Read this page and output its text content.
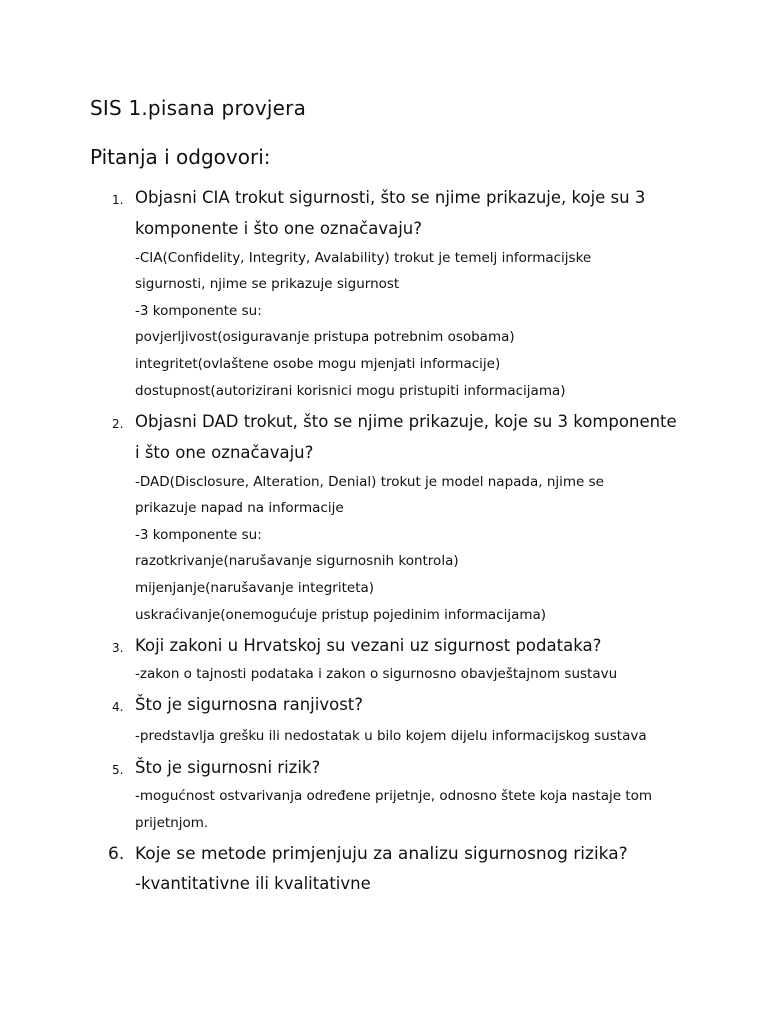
SIS 1.pisana provjera
Pitanja i odgovori:
1. Objasni CIA trokut sigurnosti, što se njime prikazuje, koje su 3
komponente i što one označavaju?
-CIA(Confidelity, Integrity, Avalability) trokut je temelj informacijske
sigurnosti, njime se prikazuje sigurnost
-3 komponente su:
povjerljivost(osiguravanje pristupa potrebnim osobama)
integritet(ovlaštene osobe mogu mjenjati informacije)
dostupnost(autorizirani korisnici mogu pristupiti informacijama)
2. Objasni DAD trokut, što se njime prikazuje, koje su 3 komponente
i što one označavaju?
-DAD(Disclosure, Alteration, Denial) trokut je model napada, njime se
prikazuje napad na informacije
-3 komponente su:
razotkrivanje(narušavanje sigurnosnih kontrola)
mijenjanje(narušavanje integriteta)
uskraćivanje(onemogućuje pristup pojedinim informacijama)
3. Koji zakoni u Hrvatskoj su vezani uz sigurnost podataka?
-zakon o tajnosti podataka i zakon o sigurnosno obavještajnom sustavu
4. Što je sigurnosna ranjivost?
-predstavlja grešku ili nedostatak u bilo kojem dijelu informacijskog sustava
5. Što je sigurnosni rizik?
-mogućnost ostvarivanja određene prijetnje, odnosno štete koja nastaje tom
prijetnjom.
6. Koje se metode primjenjuju za analizu sigurnosnog rizika?
-kvantitativne ili kvalitativne
